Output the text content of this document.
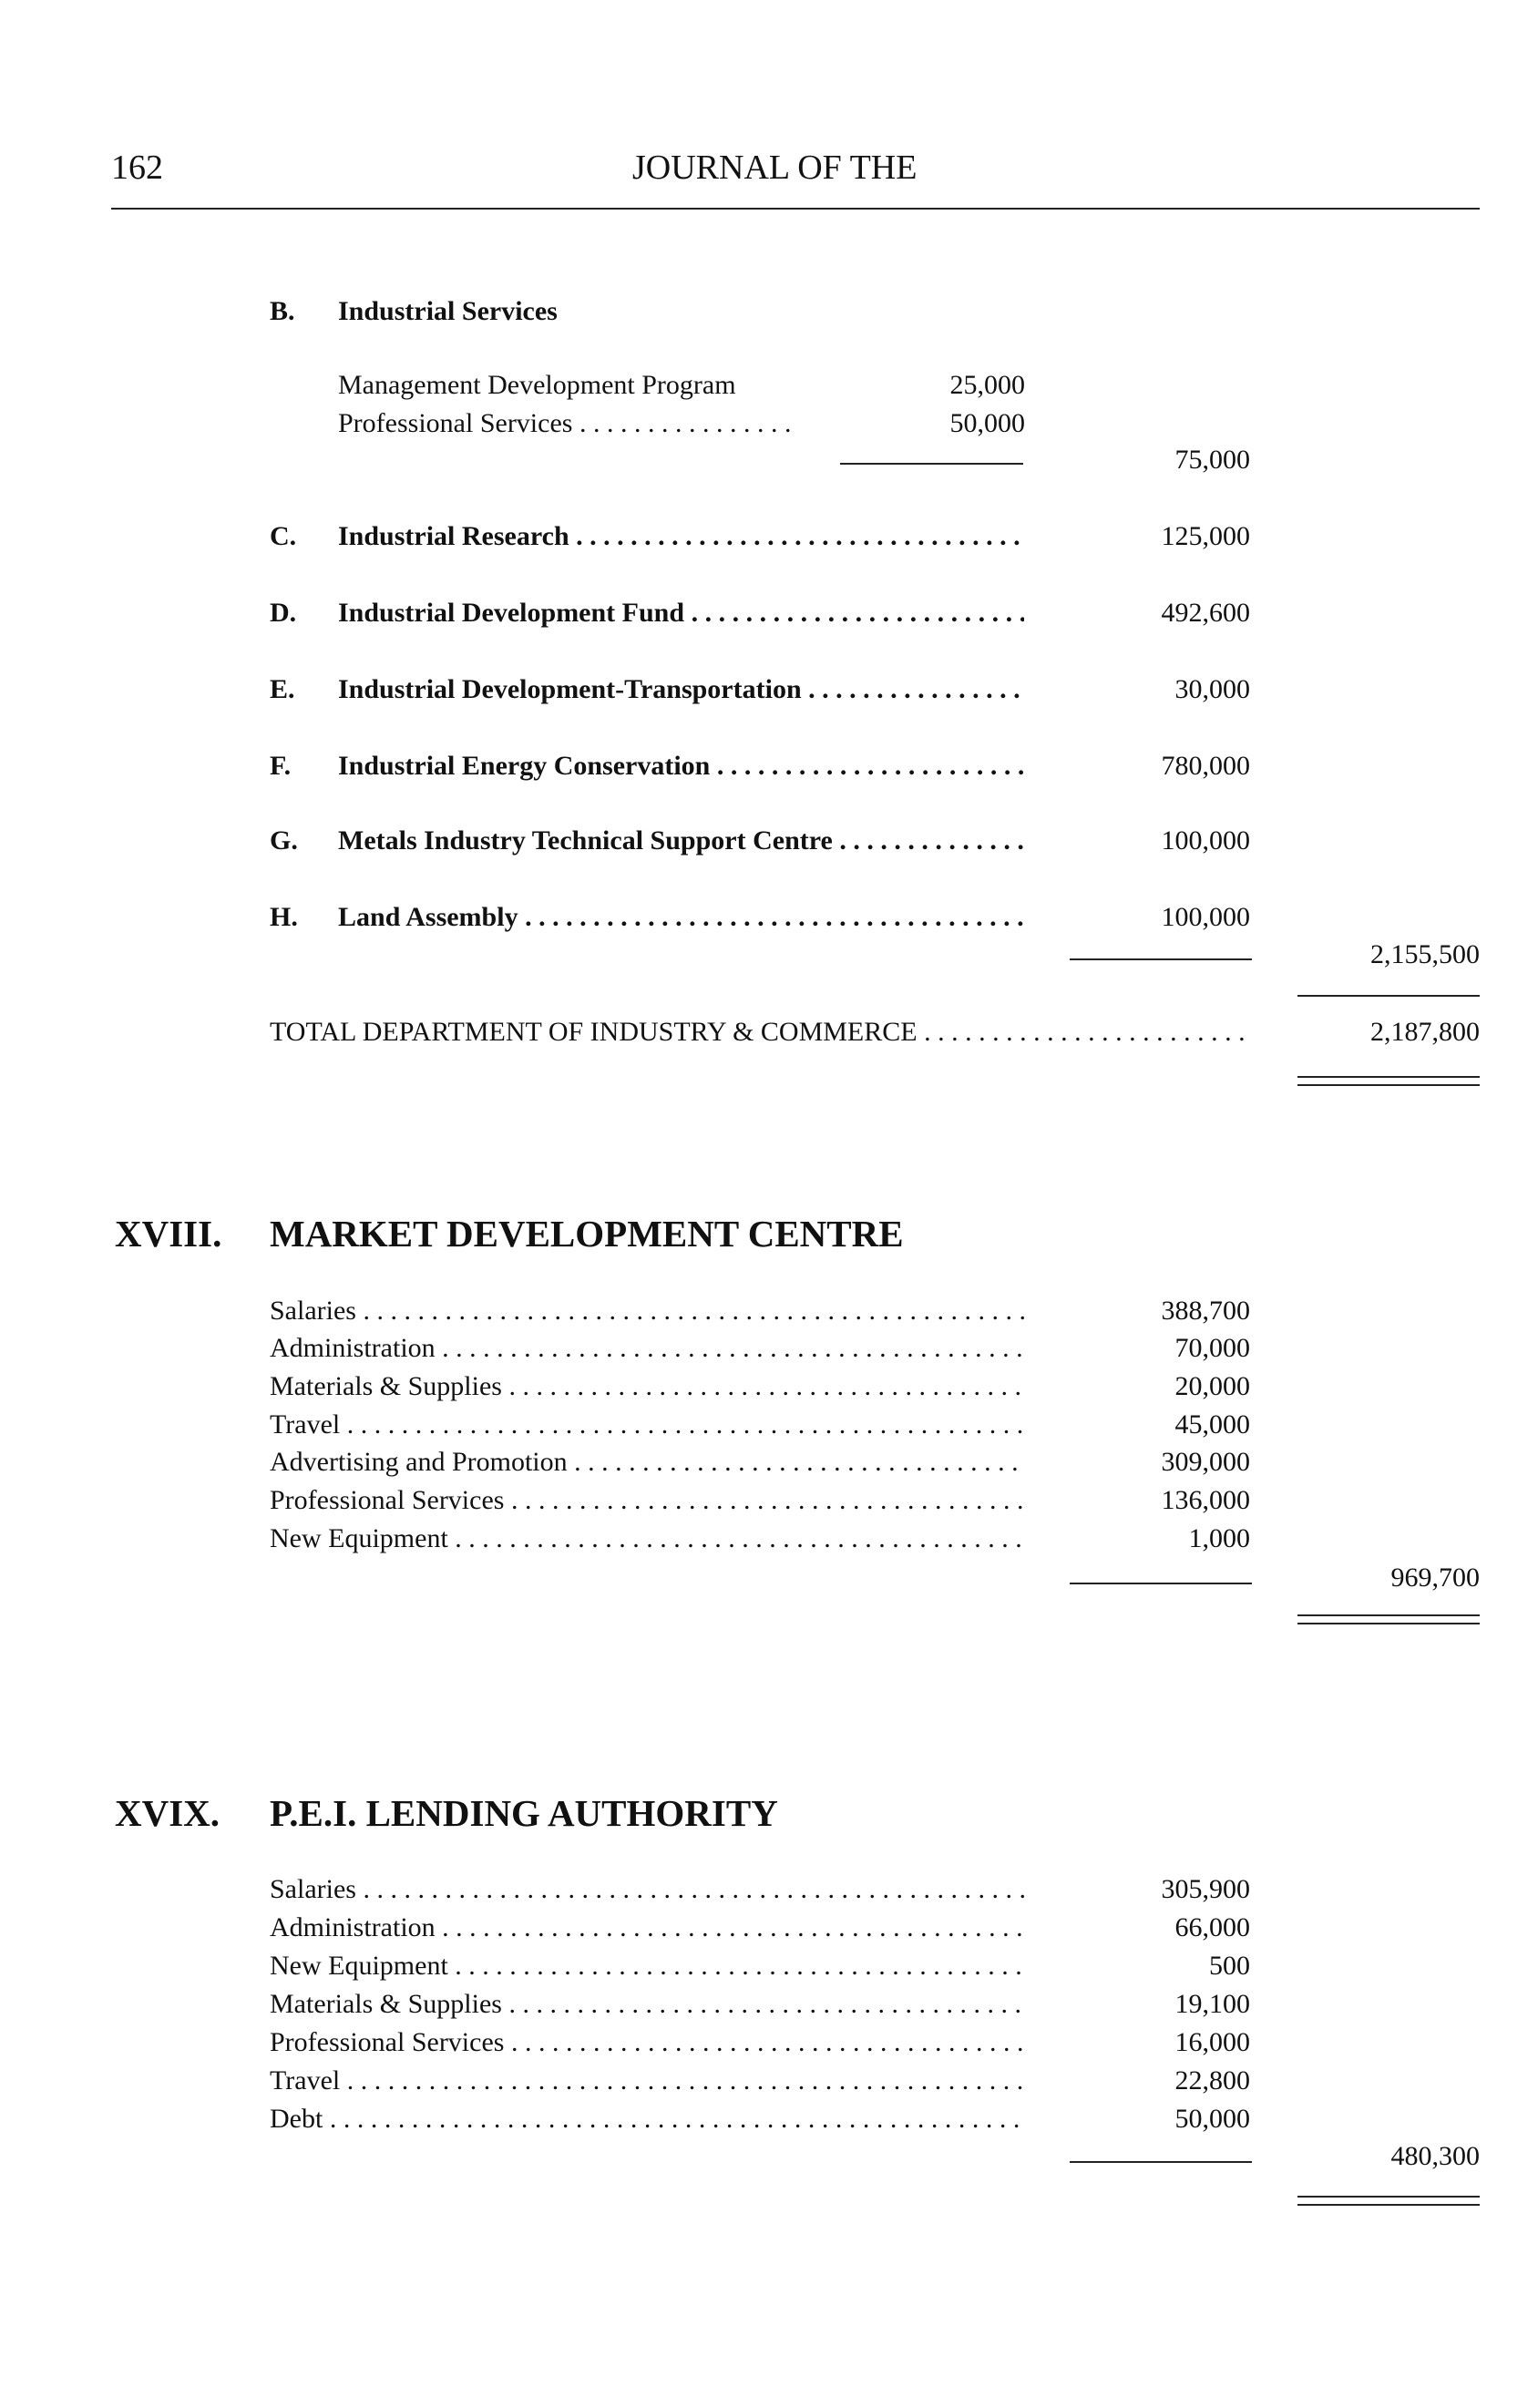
162	JOURNAL OF THE
B. Industrial Services
Management Development Program	25,000
Professional Services . . .	50,000
75,000
C. Industrial Research . . .	125,000
D. Industrial Development Fund . . .	492,600
E. Industrial Development-Transportation . . .	30,000
F. Industrial Energy Conservation . . .	780,000
G. Metals Industry Technical Support Centre . . .	100,000
H. Land Assembly . . .	100,000
2,155,500
TOTAL DEPARTMENT OF INDUSTRY & COMMERCE . . .	2,187,800
XVIII. MARKET DEVELOPMENT CENTRE
Salaries . . .	388,700
Administration . . .	70,000
Materials & Supplies . . .	20,000
Travel . . .	45,000
Advertising and Promotion . . .	309,000
Professional Services . . .	136,000
New Equipment . . .	1,000
969,700
XVIX. P.E.I. LENDING AUTHORITY
Salaries . . .	305,900
Administration . . .	66,000
New Equipment . . .	500
Materials & Supplies . . .	19,100
Professional Services . . .	16,000
Travel . . .	22,800
Debt . . .	50,000
480,300
